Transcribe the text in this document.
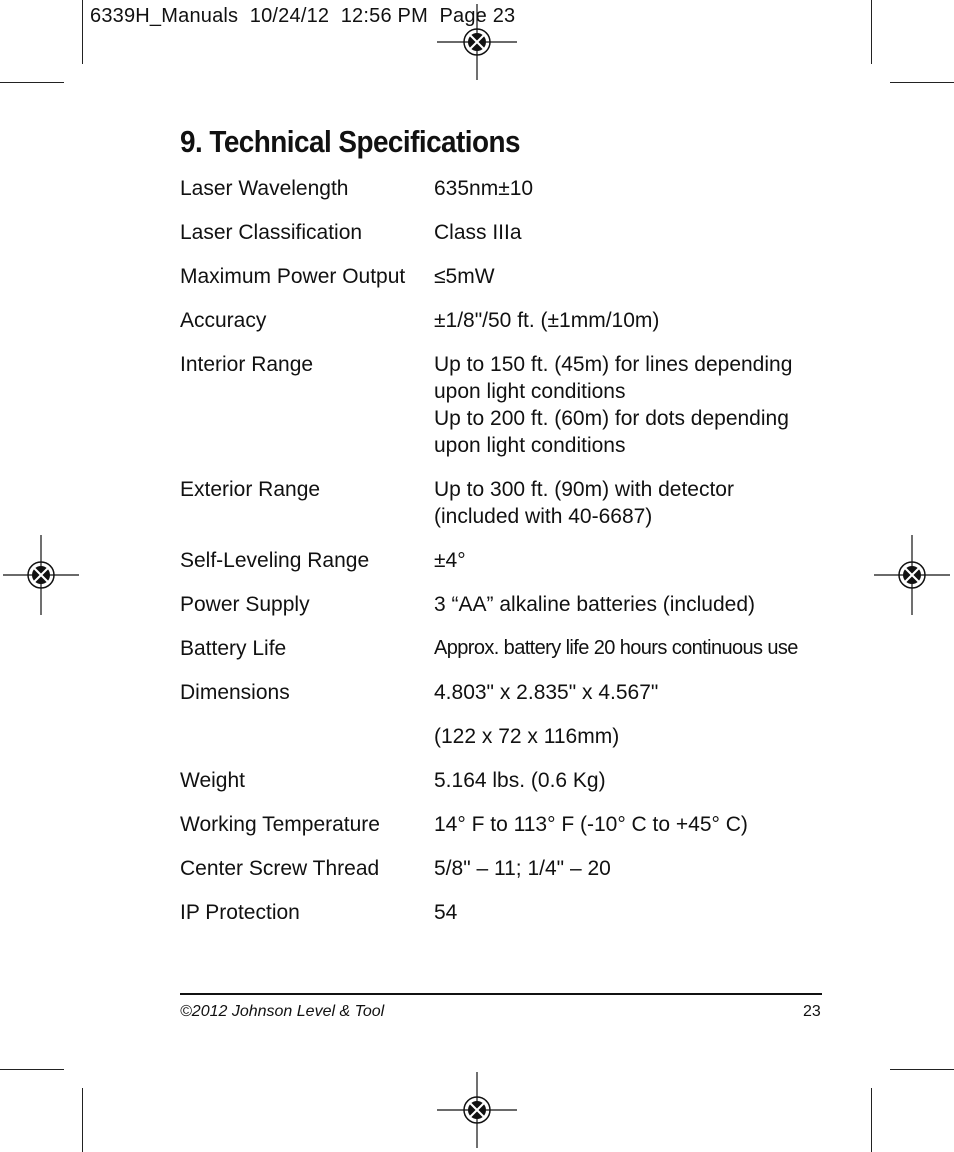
6339H_Manuals  10/24/12  12:56 PM  Page 23
9. Technical Specifications
Laser Wavelength	635nm±10
Laser Classification	Class IIIa
Maximum Power Output	≤5mW
Accuracy	±1/8"/50 ft. (±1mm/10m)
Interior Range	Up to 150 ft. (45m) for lines depending
upon light conditions
Up to 200 ft. (60m) for dots depending
upon light conditions
Exterior Range	Up to 300 ft. (90m) with detector
(included with 40-6687)
Self-Leveling Range	±4°
Power Supply	3 “AA” alkaline batteries (included)
Battery Life	Approx. battery life 20 hours continuous use
Dimensions	4.803" x 2.835" x 4.567"
(122 x 72 x 116mm)
Weight	5.164 lbs. (0.6 Kg)
Working Temperature	14° F to 113° F (-10° C to +45° C)
Center Screw Thread	5/8" – 11; 1/4" – 20
IP Protection	54
©2012 Johnson Level & Tool	23
